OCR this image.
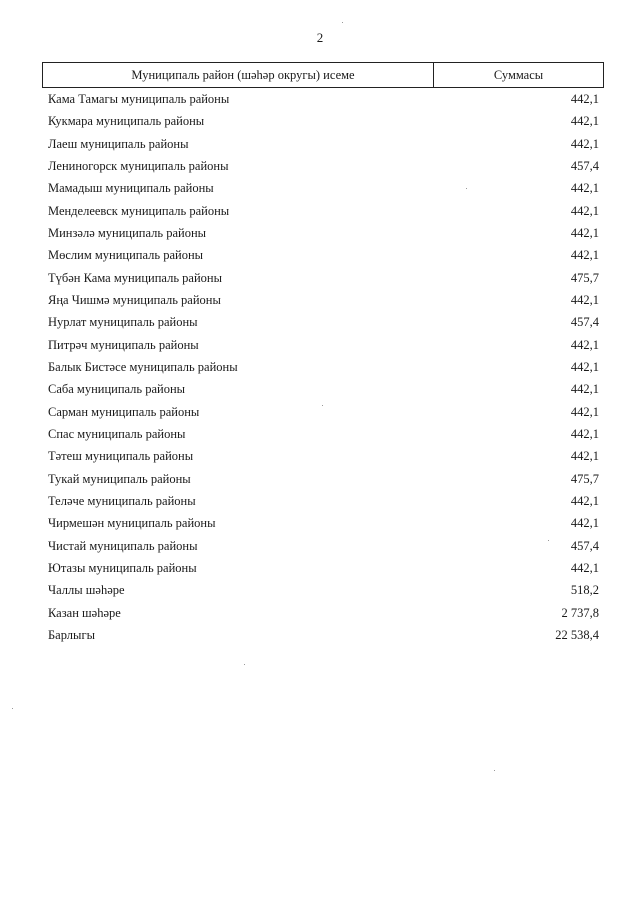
2
Муниципаль район (шәһәр округы) исеме	Суммасы
Кама Тамагы муниципаль районы	442,1
Кукмара муниципаль районы	442,1
Лаеш муниципаль районы	442,1
Лениногорск муниципаль районы	457,4
Мамадыш муниципаль районы	442,1
Менделеевск муниципаль районы	442,1
Минзәлә муниципаль районы	442,1
Мөслим муниципаль районы	442,1
Түбән Кама муниципаль районы	475,7
Яңа Чишмә муниципаль районы	442,1
Нурлат муниципаль районы	457,4
Питрәч муниципаль районы	442,1
Балык Бистәсе муниципаль районы	442,1
Саба муниципаль районы	442,1
Сарман муниципаль районы	442,1
Спас муниципаль районы	442,1
Тәтеш муниципаль районы	442,1
Тукай муниципаль районы	475,7
Теләче муниципаль районы	442,1
Чирмешән муниципаль районы	442,1
Чистай муниципаль районы	457,4
Ютазы муниципаль районы	442,1
Чаллы шәһәре	518,2
Казан шәһәре	2 737,8
Барлыгы	22 538,4
